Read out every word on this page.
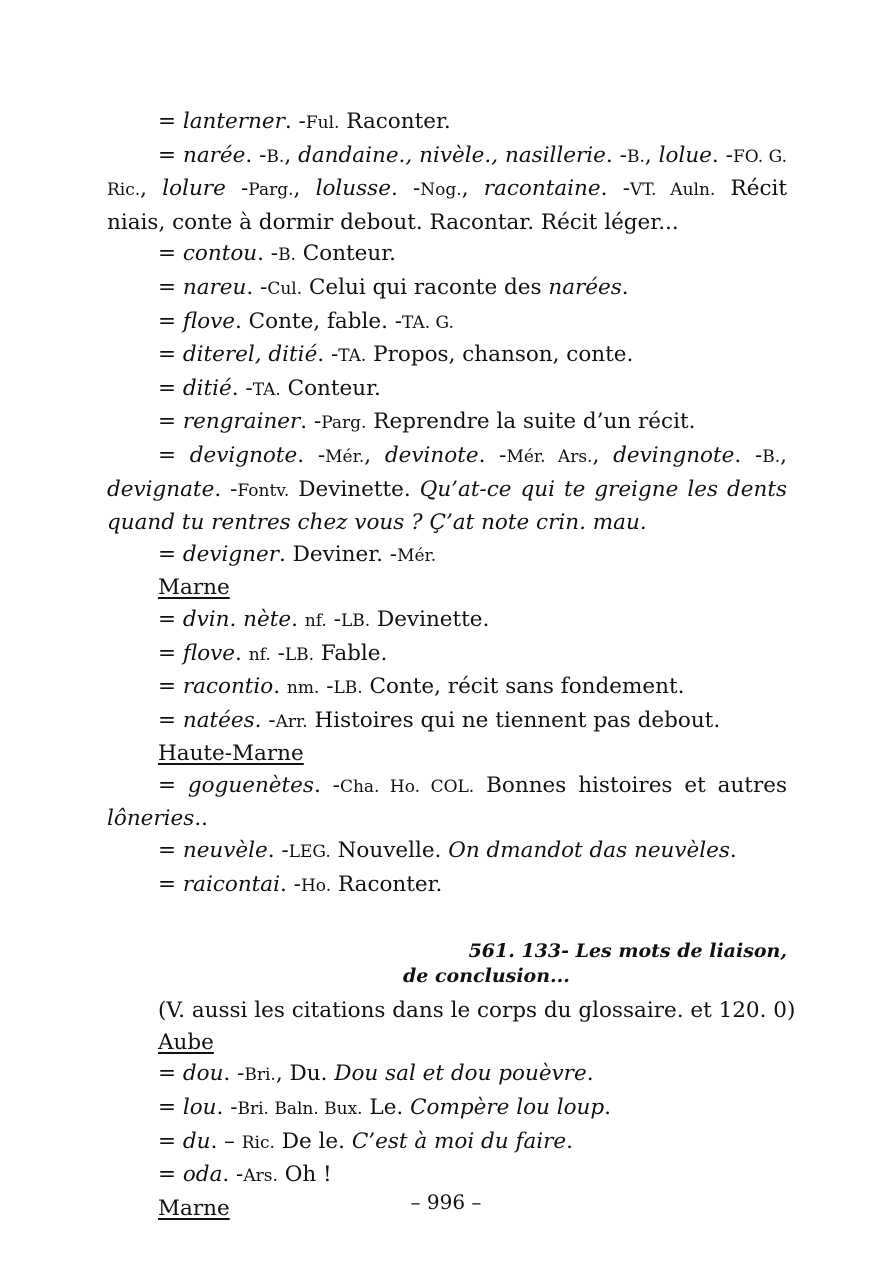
= lanterner. -Ful. Raconter.

= narée. -B., dandaine., nivèle., nasillerie. -B., lolue. -FO. G.

Ric., lolure -Parg., lolusse. -Nog., racontaine. -VT. Auln. Récit

niais, conte à dormir debout. Racontar. Récit léger...

= contou. -B. Conteur.

= nareu. -Cul. Celui qui raconte des narées.

= flove. Conte, fable. -TA. G.

= diterel, ditié. -TA. Propos, chanson, conte.

= ditié. -TA. Conteur.

= rengrainer. -Parg. Reprendre la suite d’un récit.

= devignote. -Mér., devinote. -Mér. Ars., devingnote. -B.,

devignate. -Fontv. Devinette. Qu’at-ce qui te greigne les dents

quand tu rentres chez vous ? Ç’at note crin. mau.

= devigner. Deviner. -Mér.

Marne

= dvin. nète. nf. -LB. Devinette.

= flove. nf. -LB. Fable.

= racontio. nm. -LB. Conte, récit sans fondement.

= natées. -Arr. Histoires qui ne tiennent pas debout.

Haute-Marne

= goguenètes. -Cha. Ho. COL. Bonnes histoires et autres

lôneries..

= neuvèle. -LEG. Nouvelle. On dmandot das neuvèles.

= raicontai. -Ho. Raconter.

561. 133- Les mots de liaison,

de conclusion...

(V. aussi les citations dans le corps du glossaire. et 120. 0)

Aube

= dou. -Bri., Du. Dou sal et dou pouèvre.

= lou. -Bri. Baln. Bux. Le. Compère lou loup.

= du. – Ric. De le. C’est à moi du faire.

= oda. -Ars. Oh !

Marne	– 996 –
